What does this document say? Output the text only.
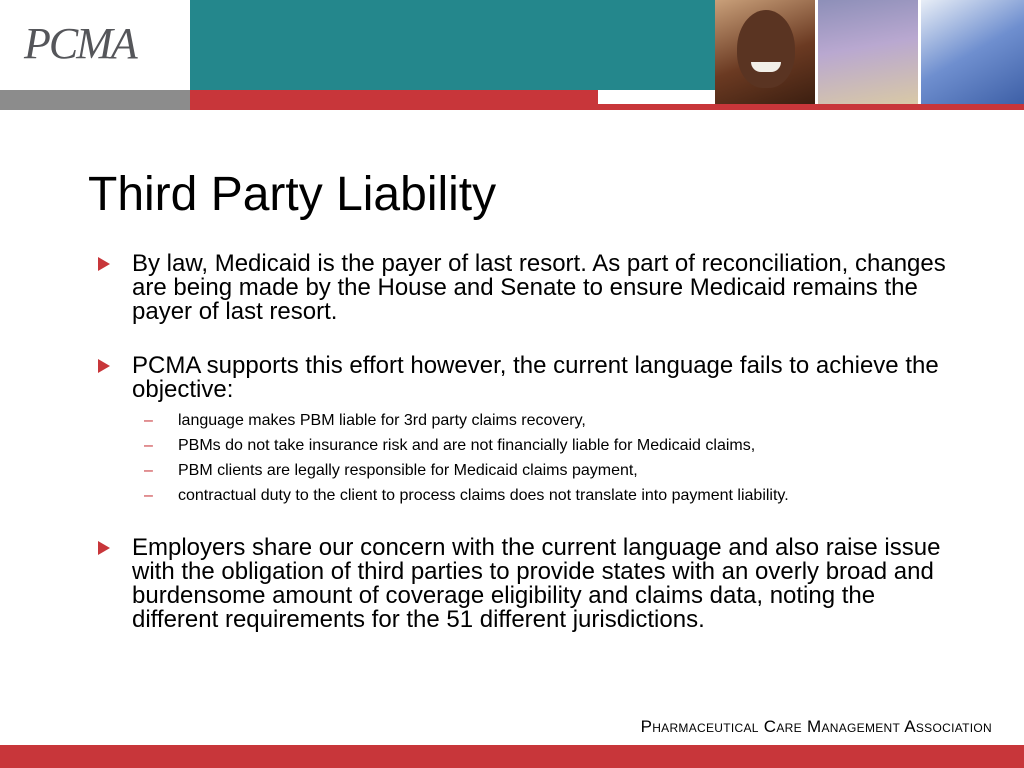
PCMA
Third Party Liability
By law, Medicaid is the payer of last resort. As part of reconciliation, changes are being made by the House and Senate to ensure Medicaid remains the payer of last resort.
PCMA supports this effort however, the current language fails to achieve the objective:
– language makes PBM liable for 3rd party claims recovery,
– PBMs do not take insurance risk and are not financially liable for Medicaid claims,
– PBM clients are legally responsible for Medicaid claims payment,
– contractual duty to the client to process claims does not translate into payment liability.
Employers share our concern with the current language and also raise issue with the obligation of third parties to provide states with an overly broad and burdensome amount of coverage eligibility and claims data, noting the different requirements for the 51 different jurisdictions.
Pharmaceutical Care Management Association
